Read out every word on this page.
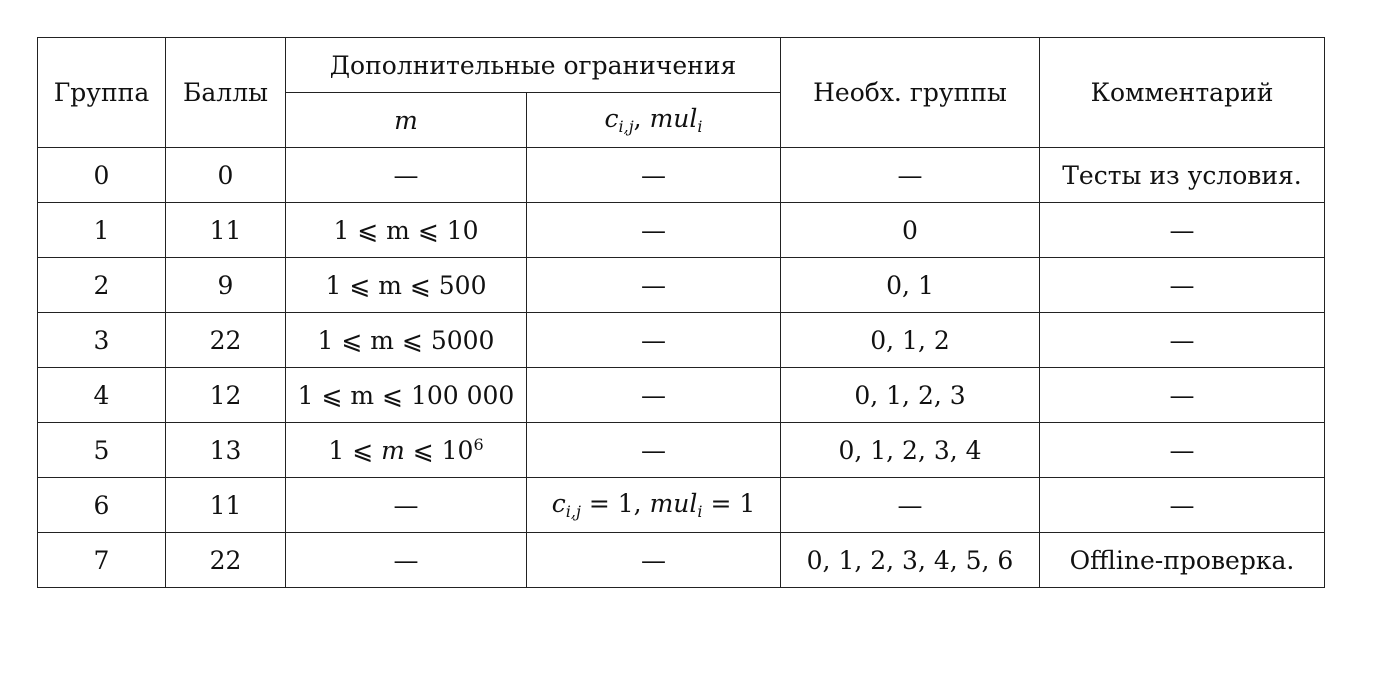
Группа	Баллы	Дополнительные ограничения		Необх. группы	Комментарий
		m	$c_{i,j}$, mul$_i$
0	0	—	—	—	Тесты из условия.
1	11	1 ⩽ m ⩽ 10	—	0	—
2	9	1 ⩽ m ⩽ 500	—	0, 1	—
3	22	1 ⩽ m ⩽ 5000	—	0, 1, 2	—
4	12	1 ⩽ m ⩽ 100 000	—	0, 1, 2, 3	—
5	13	1 ⩽ m ⩽ $10^6$	—	0, 1, 2, 3, 4	—
6	11	—	$c_{i,j} = 1$, mul$_i$ = 1	—	—
7	22	—	—	0, 1, 2, 3, 4, 5, 6	Offline-проверка.
